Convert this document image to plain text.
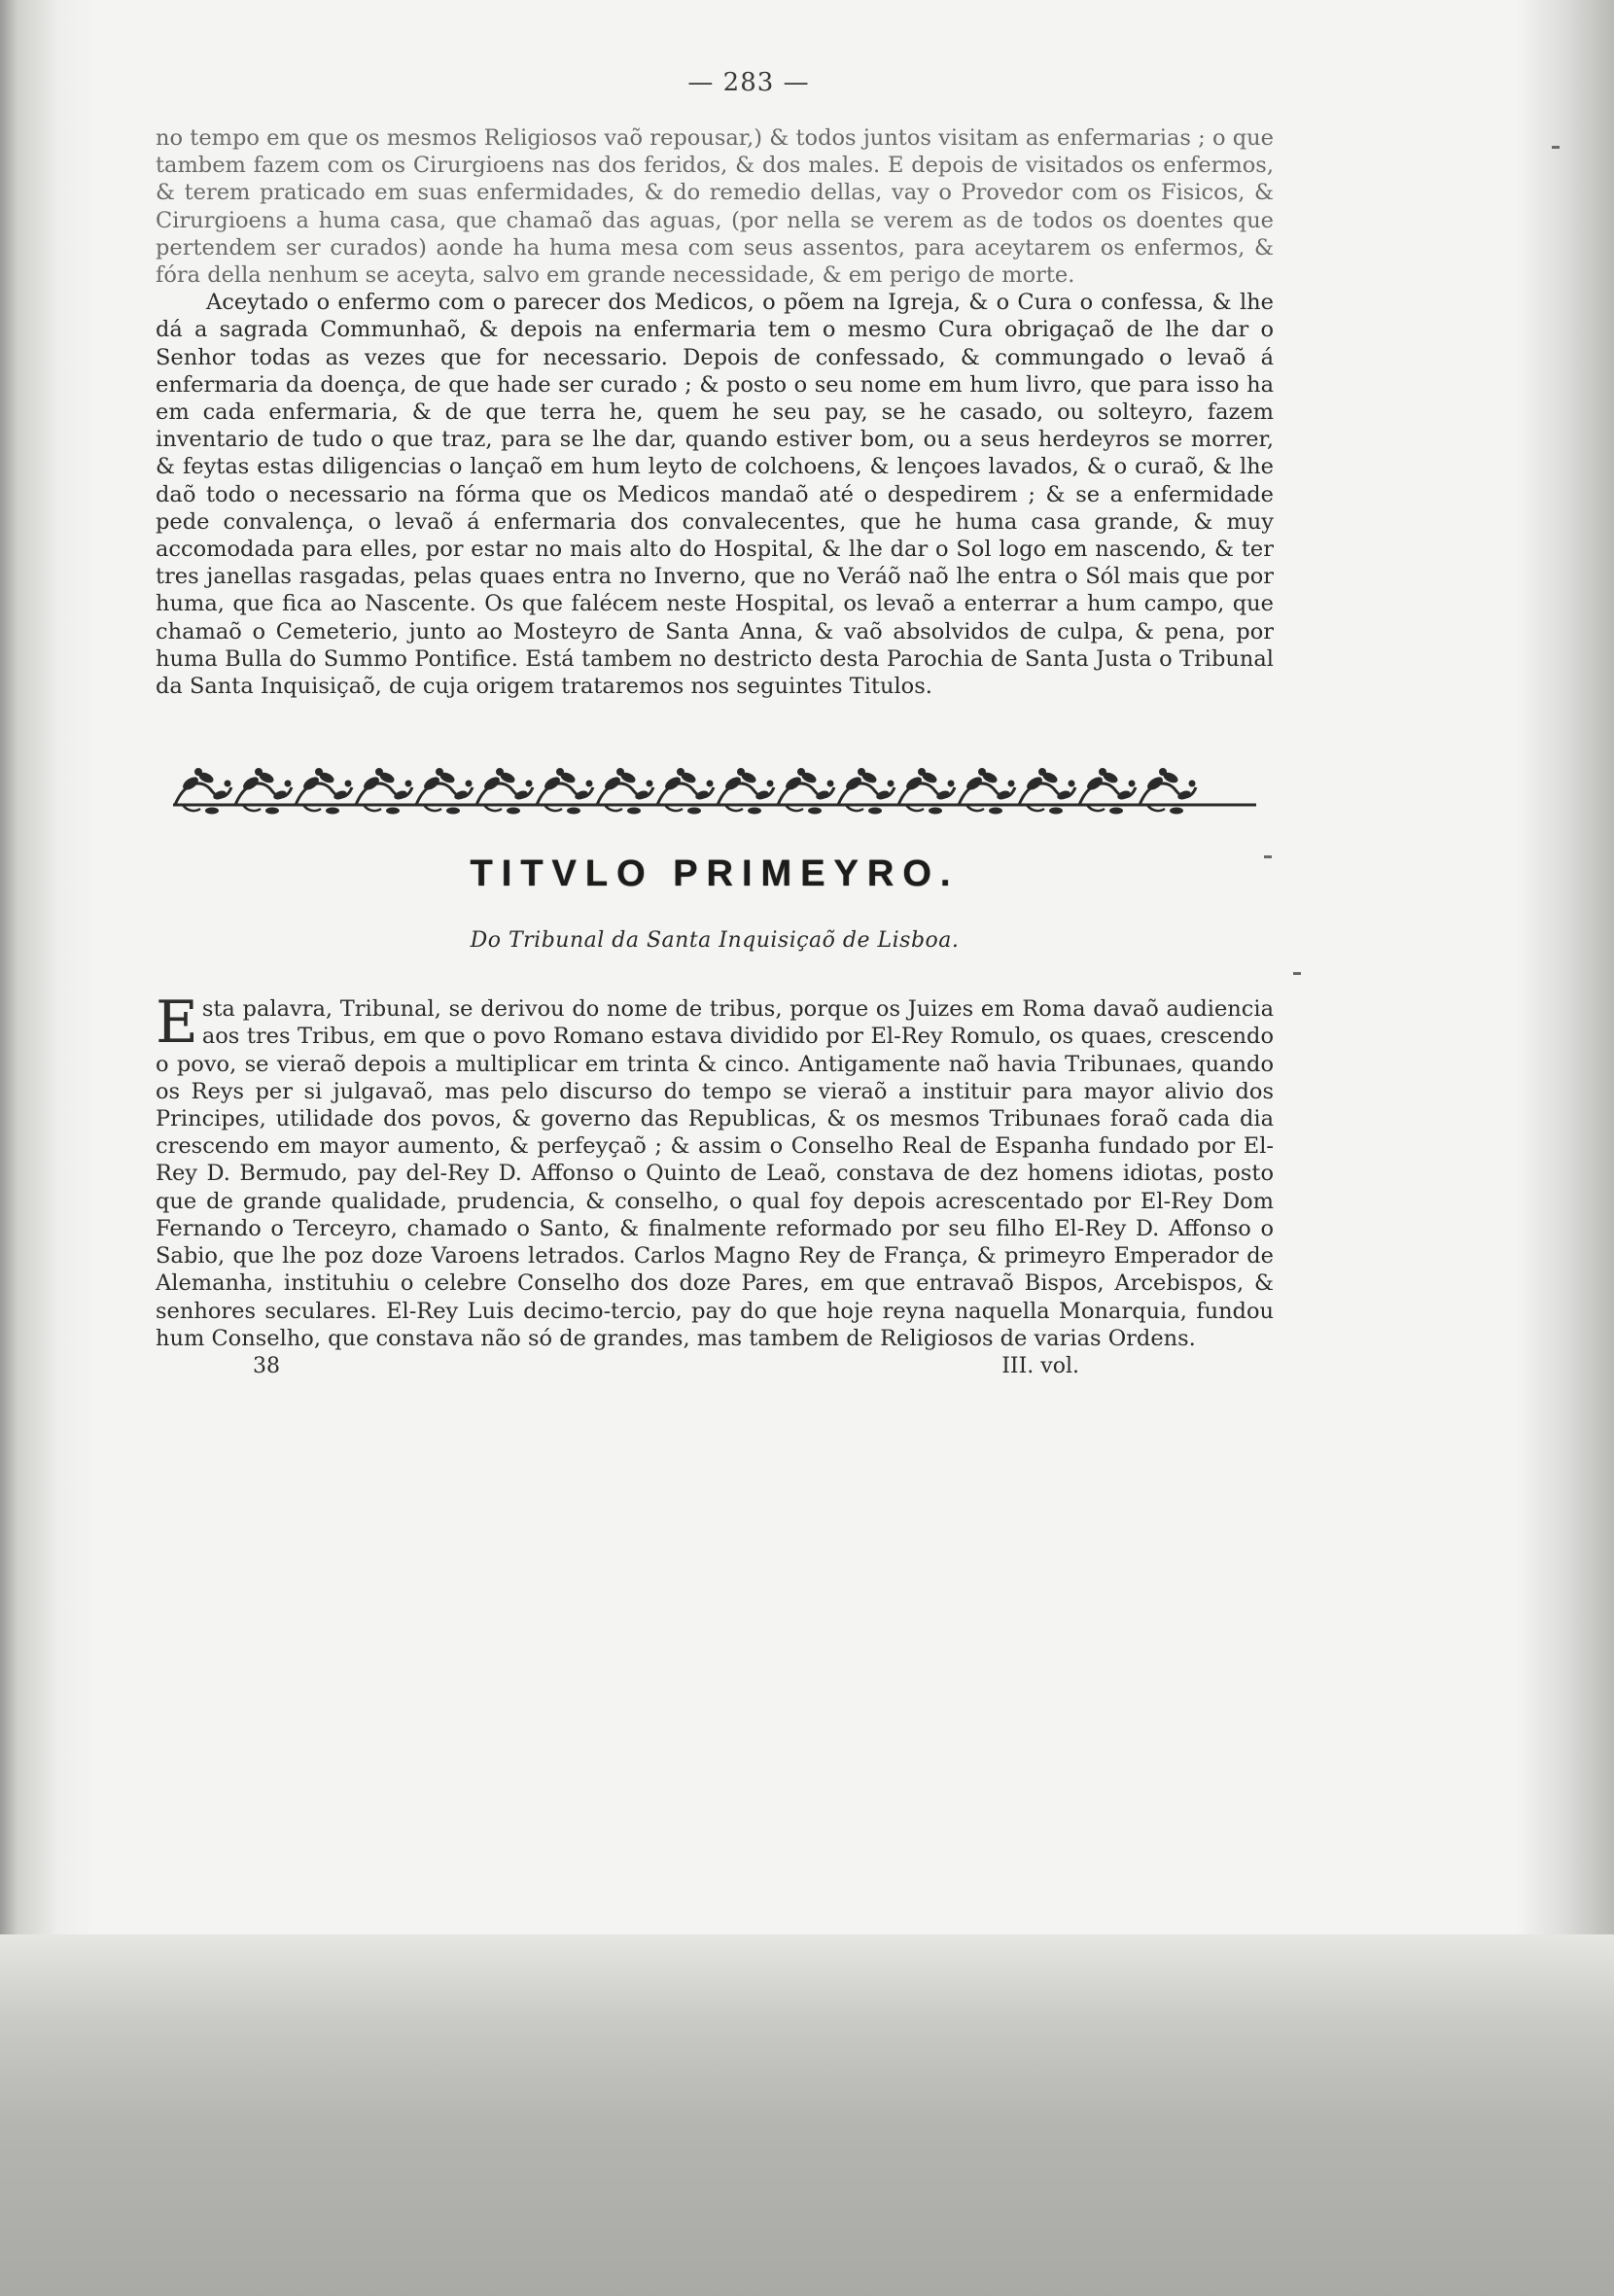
— 283 —

no tempo em que os mesmos Religiosos vaõ repousar,) & todos juntos visitam as enfermarias ; o que tambem fazem com os Cirurgioens nas dos feridos, & dos males. E depois de visitados os enfermos, & terem praticado em suas enfermidades, & do remedio dellas, vay o Provedor com os Fisicos, & Cirurgioens a huma casa, que chamaõ das aguas, (por nella se verem as de todos os doentes que pertendem ser curados) aonde ha huma mesa com seus assentos, para aceytarem os enfermos, & fóra della nenhum se aceyta, salvo em grande necessidade, & em perigo de morte.

Aceytado o enfermo com o parecer dos Medicos, o põem na Igreja, & o Cura o confessa, & lhe dá a sagrada Communhaõ, & depois na enfermaria tem o mesmo Cura obrigaçaõ de lhe dar o Senhor todas as vezes que for necessario. Depois de confessado, & commungado o levaõ á enfermaria da doença, de que hade ser curado ; & posto o seu nome em hum livro, que para isso ha em cada enfermaria, & de que terra he, quem he seu pay, se he casado, ou solteyro, fazem inventario de tudo o que traz, para se lhe dar, quando estiver bom, ou a seus herdeyros se morrer, & feytas estas diligencias o lançaõ em hum leyto de colchoens, & lençoes lavados, & o curaõ, & lhe daõ todo o necessario na fórma que os Medicos mandaõ até o despedirem ; & se a enfermidade pede convalença, o levaõ á enfermaria dos convalecentes, que he huma casa grande, & muy accomodada para elles, por estar no mais alto do Hospital, & lhe dar o Sol logo em nascendo, & ter tres janellas rasgadas, pelas quaes entra no Inverno, que no Veráõ naõ lhe entra o Sól mais que por huma, que fica ao Nascente. Os que falécem neste Hospital, os levaõ a enterrar a hum campo, que chamaõ o Cemeterio, junto ao Mosteyro de Santa Anna, & vaõ absolvidos de culpa, & pena, por huma Bulla do Summo Pontifice. Está tambem no destricto desta Parochia de Santa Justa o Tribunal da Santa Inquisiçaõ, de cuja origem trataremos nos seguintes Titulos.

TITVLO PRIMEYRO.
Do Tribunal da Santa Inquisiçaõ de Lisboa.

Esta palavra, Tribunal, se derivou do nome de tribus, porque os Juizes em Roma davaõ audiencia aos tres Tribus, em que o povo Romano estava dividido por El-Rey Romulo, os quaes, crescendo o povo, se vieraõ depois a multiplicar em trinta & cinco. Antigamente naõ havia Tribunaes, quando os Reys per si julgavaõ, mas pelo discurso do tempo se vieraõ a instituir para mayor alivio dos Principes, utilidade dos povos, & governo das Republicas, & os mesmos Tribunaes foraõ cada dia crescendo em mayor aumento, & perfeyçaõ ; & assim o Conselho Real de Espanha fundado por El-Rey D. Bermudo, pay del-Rey D. Affonso o Quinto de Leaõ, constava de dez homens idiotas, posto que de grande qualidade, prudencia, & conselho, o qual foy depois acrescentado por El-Rey Dom Fernando o Terceyro, chamado o Santo, & finalmente reformado por seu filho El-Rey D. Affonso o Sabio, que lhe poz doze Varoens letrados. Carlos Magno Rey de França, & primeyro Emperador de Alemanha, instituhiu o celebre Conselho dos doze Pares, em que entravaõ Bispos, Arcebispos, & senhores seculares. El-Rey Luis decimo-tercio, pay do que hoje reyna naquella Monarquia, fundou hum Conselho, que constava não só de grandes, mas tambem de Religiosos de varias Ordens.

38	III. vol.
